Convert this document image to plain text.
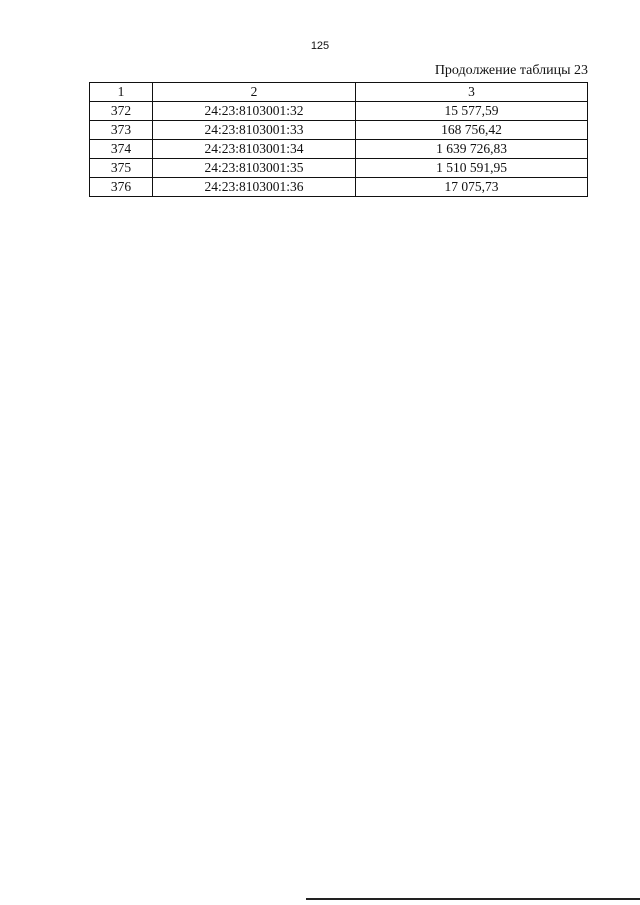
125
Продолжение таблицы 23
1	2	3
372	24:23:8103001:32	15 577,59
373	24:23:8103001:33	168 756,42
374	24:23:8103001:34	1 639 726,83
375	24:23:8103001:35	1 510 591,95
376	24:23:8103001:36	17 075,73
